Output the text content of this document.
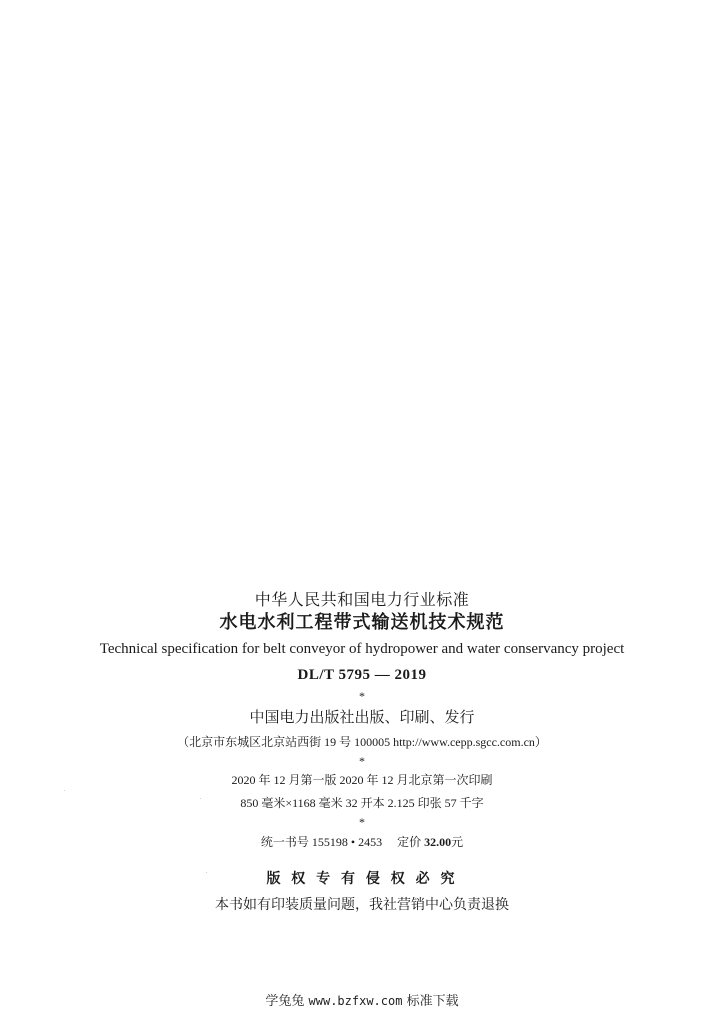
中华人民共和国电力行业标准
水电水利工程带式输送机技术规范
Technical specification for belt conveyor of hydropower and water conservancy project
DL/T 5795 — 2019
*
中国电力出版社出版、印刷、发行
（北京市东城区北京站西街 19 号 100005 http://www.cepp.sgcc.com.cn）
*
2020 年 12 月第一版 2020 年 12 月北京第一次印刷
850 毫米×1168 毫米 32 开本 2.125 印张 57 千字
*
统一书号 155198 • 2453 定价 32.00元
版 权 专 有 侵 权 必 究
本书如有印装质量问题，我社营销中心负责退换
学兔兔 www.bzfxw.com 标准下载
